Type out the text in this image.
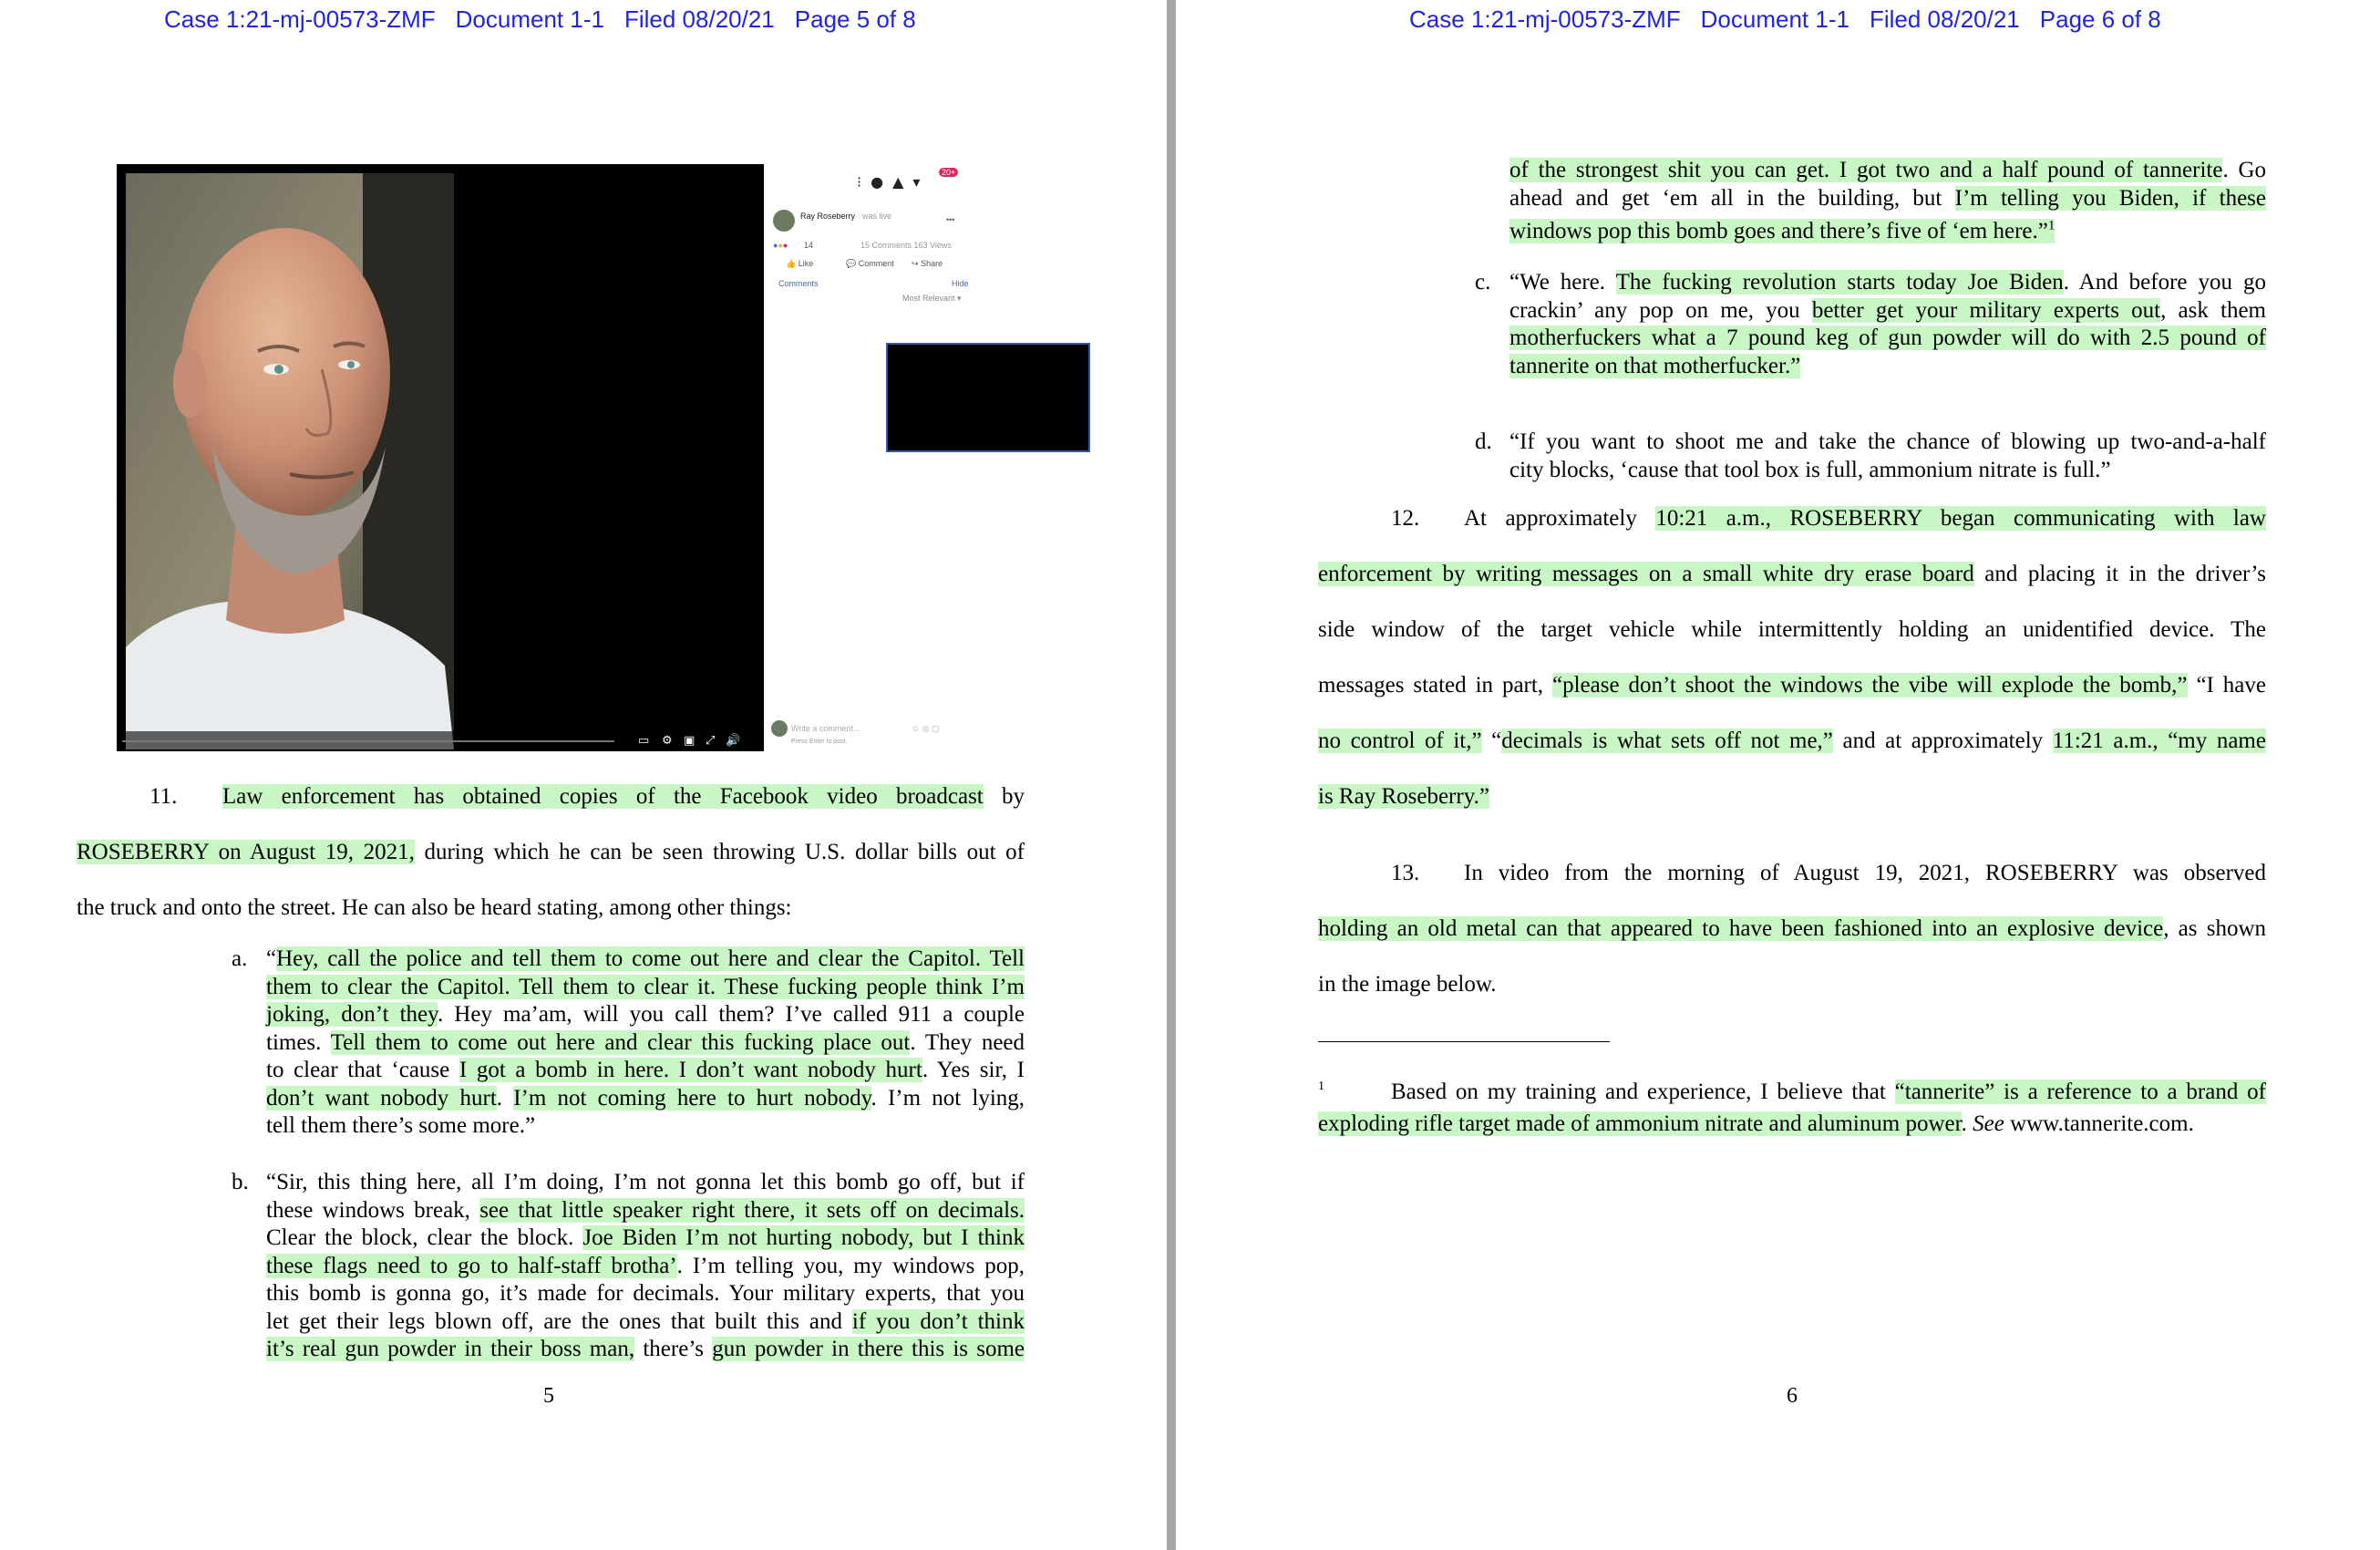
Case 1:21-mj-00573-ZMF Document 1-1 Filed 08/20/21 Page 5 of 8
▭ ⚙ ▣ ⤢ 🔊
⁝●▲▾
20+
Ray Roseberry was live	•••
●●● 14	15 Comments 163 Views
👍 Like	💬 Comment ↪ Share
Comments	Hide
Most Relevant ▾
Write a comment...	☺ ◎ ▢
Press Enter to post.
11. Law enforcement has obtained copies of the Facebook video broadcast by
ROSEBERRY on August 19, 2021, during which he can be seen throwing U.S. dollar bills out of
the truck and onto the street. He can also be heard stating, among other things:
a. “Hey, call the police and tell them to come out here and clear the Capitol. Tell
them to clear the Capitol. Tell them to clear it. These fucking people think I’m
joking, don’t they. Hey ma’am, will you call them? I’ve called 911 a couple
times. Tell them to come out here and clear this fucking place out. They need
to clear that ‘cause I got a bomb in here. I don’t want nobody hurt. Yes sir, I
don’t want nobody hurt. I’m not coming here to hurt nobody. I’m not lying,
tell them there’s some more.”
b. “Sir, this thing here, all I’m doing, I’m not gonna let this bomb go off, but if
these windows break, see that little speaker right there, it sets off on decimals.
Clear the block, clear the block. Joe Biden I’m not hurting nobody, but I think
these flags need to go to half-staff brotha’. I’m telling you, my windows pop,
this bomb is gonna go, it’s made for decimals. Your military experts, that you
let get their legs blown off, are the ones that built this and if you don’t think
it’s real gun powder in their boss man, there’s gun powder in there this is some
5
Case 1:21-mj-00573-ZMF Document 1-1 Filed 08/20/21 Page 6 of 8
of the strongest shit you can get. I got two and a half pound of tannerite. Go
ahead and get ‘em all in the building, but I’m telling you Biden, if these
windows pop this bomb goes and there’s five of ‘em here.”$^1$
c. “We here. The fucking revolution starts today Joe Biden. And before you go
crackin’ any pop on me, you better get your military experts out, ask them
motherfuckers what a 7 pound keg of gun powder will do with 2.5 pound of
tannerite on that motherfucker.”
d. “If you want to shoot me and take the chance of blowing up two-and-a-half
city blocks, ‘cause that tool box is full, ammonium nitrate is full.”
12. At approximately 10:21 a.m., ROSEBERRY began communicating with law
enforcement by writing messages on a small white dry erase board and placing it in the driver’s
side window of the target vehicle while intermittently holding an unidentified device. The
messages stated in part, “please don’t shoot the windows the vibe will explode the bomb,” “I have
no control of it,” “decimals is what sets off not me,” and at approximately 11:21 a.m., “my name
is Ray Roseberry.”
13. In video from the morning of August 19, 2021, ROSEBERRY was observed
holding an old metal can that appeared to have been fashioned into an explosive device, as shown
in the image below.
1	Based on my training and experience, I believe that “tannerite” is a reference to a brand of
exploding rifle target made of ammonium nitrate and aluminum power. See www.tannerite.com.
6
